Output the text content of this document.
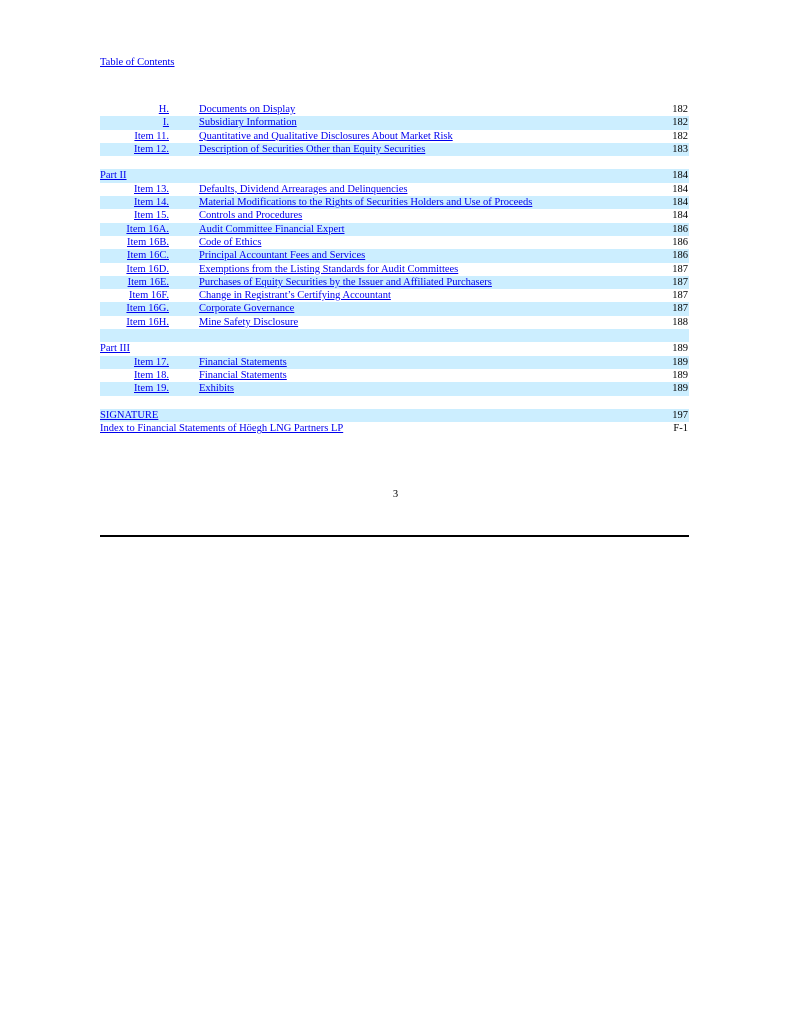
Table of Contents
H.	Documents on Display	182
I.	Subsidiary Information	182
Item 11.	Quantitative and Qualitative Disclosures About Market Risk	182
Item 12.	Description of Securities Other than Equity Securities	183
Part II	184
Item 13.	Defaults, Dividend Arrearages and Delinquencies	184
Item 14.	Material Modifications to the Rights of Securities Holders and Use of Proceeds	184
Item 15.	Controls and Procedures	184
Item 16A.	Audit Committee Financial Expert	186
Item 16B.	Code of Ethics	186
Item 16C.	Principal Accountant Fees and Services	186
Item 16D.	Exemptions from the Listing Standards for Audit Committees	187
Item 16E.	Purchases of Equity Securities by the Issuer and Affiliated Purchasers	187
Item 16F.	Change in Registrant’s Certifying Accountant	187
Item 16G.	Corporate Governance	187
Item 16H.	Mine Safety Disclosure	188
Part III	189
Item 17.	Financial Statements	189
Item 18.	Financial Statements	189
Item 19.	Exhibits	189
SIGNATURE	197
Index to Financial Statements of Höegh LNG Partners LP	F-1
3
